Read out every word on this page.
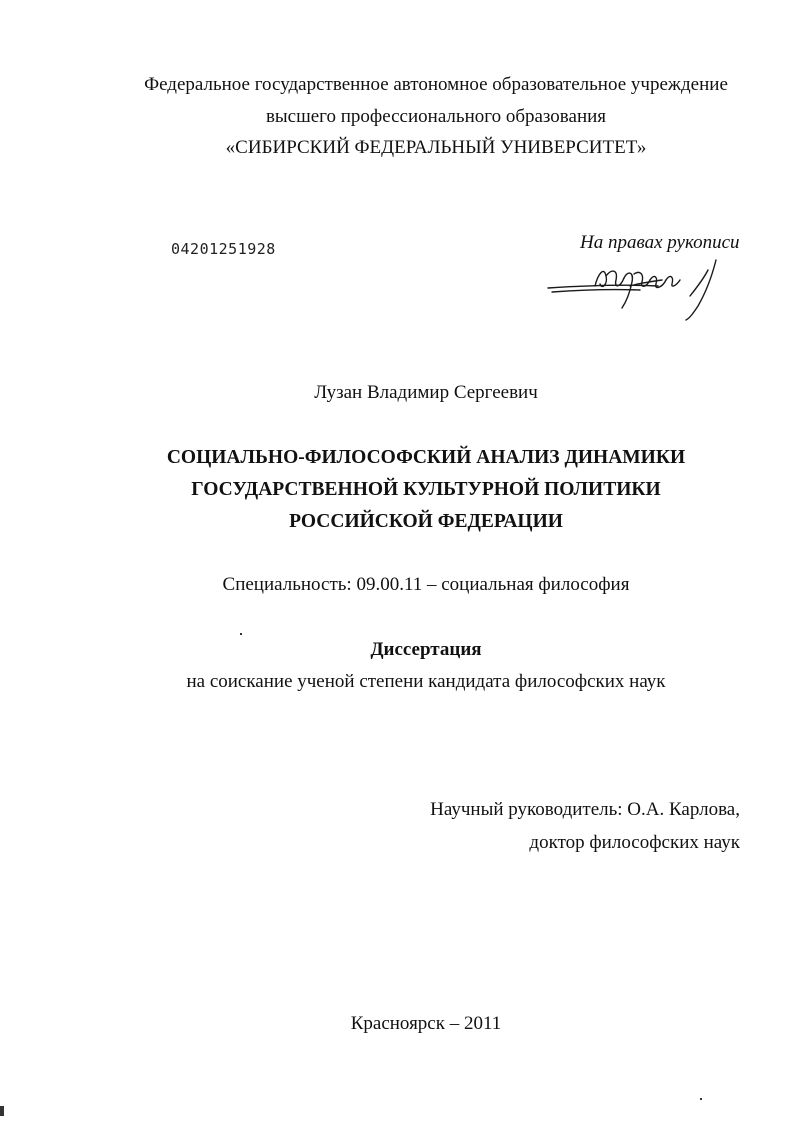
Федеральное государственное автономное образовательное учреждение
высшего профессионального образования
«СИБИРСКИЙ ФЕДЕРАЛЬНЫЙ УНИВЕРСИТЕТ»
04201251928	На правах рукописи
Лузан Владимир Сергеевич
СОЦИАЛЬНО-ФИЛОСОФСКИЙ АНАЛИЗ ДИНАМИКИ
ГОСУДАРСТВЕННОЙ КУЛЬТУРНОЙ ПОЛИТИКИ
РОССИЙСКОЙ ФЕДЕРАЦИИ
Специальность: 09.00.11 – социальная философия
Диссертация
на соискание ученой степени кандидата философских наук
Научный руководитель: О.А. Карлова,
доктор философских наук
Красноярск – 2011
